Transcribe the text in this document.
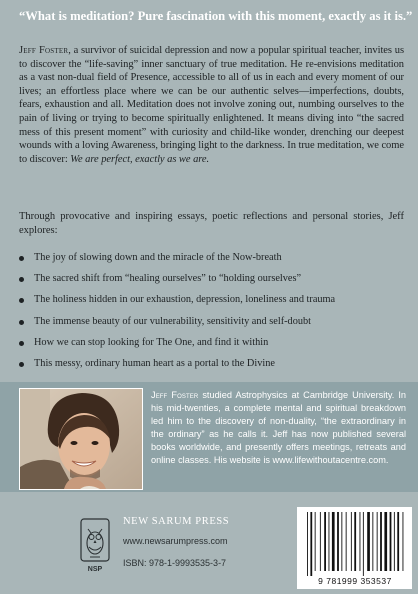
“What is meditation? Pure fascination with this moment, exactly as it is.”

Jeff Foster, a survivor of suicidal depression and now a popular spiritual teacher, invites us to discover the “life-saving” inner sanctuary of true meditation. He re-envisions meditation as a vast non-dual field of Presence, accessible to all of us in each and every moment of our lives; an effortless place where we can be our authentic selves—imperfections, doubts, fears, exhaustion and all. Meditation does not involve zoning out, numbing ourselves to the pain of living or trying to become spiritually enlightened. It means diving into “the sacred mess of this present moment” with curiosity and child-like wonder, drenching our deepest wounds with a loving Awareness, bringing light to the darkness. In true meditation, we come to discover: We are perfect, exactly as we are.

Through provocative and inspiring essays, poetic reflections and personal stories, Jeff explores:

The joy of slowing down and the miracle of the Now-breath
The sacred shift from “healing ourselves” to “holding ourselves”
The holiness hidden in our exhaustion, depression, loneliness and trauma
The immense beauty of our vulnerability, sensitivity and self-doubt
How we can stop looking for The One, and find it within
This messy, ordinary human heart as a portal to the Divine

Jeff Foster studied Astrophysics at Cambridge University. In his mid-twenties, a complete mental and spiritual breakdown led him to the discovery of non-duality, “the extraordinary in the ordinary” as he calls it. Jeff has now published several books worldwide, and presently offers meetings, retreats and online classes. His website is www.lifewithoutacentre.com.

NSP
NEW SARUM PRESS
www.newsarumpress.com
ISBN: 978-1-9993535-3-7
9 781999 353537
